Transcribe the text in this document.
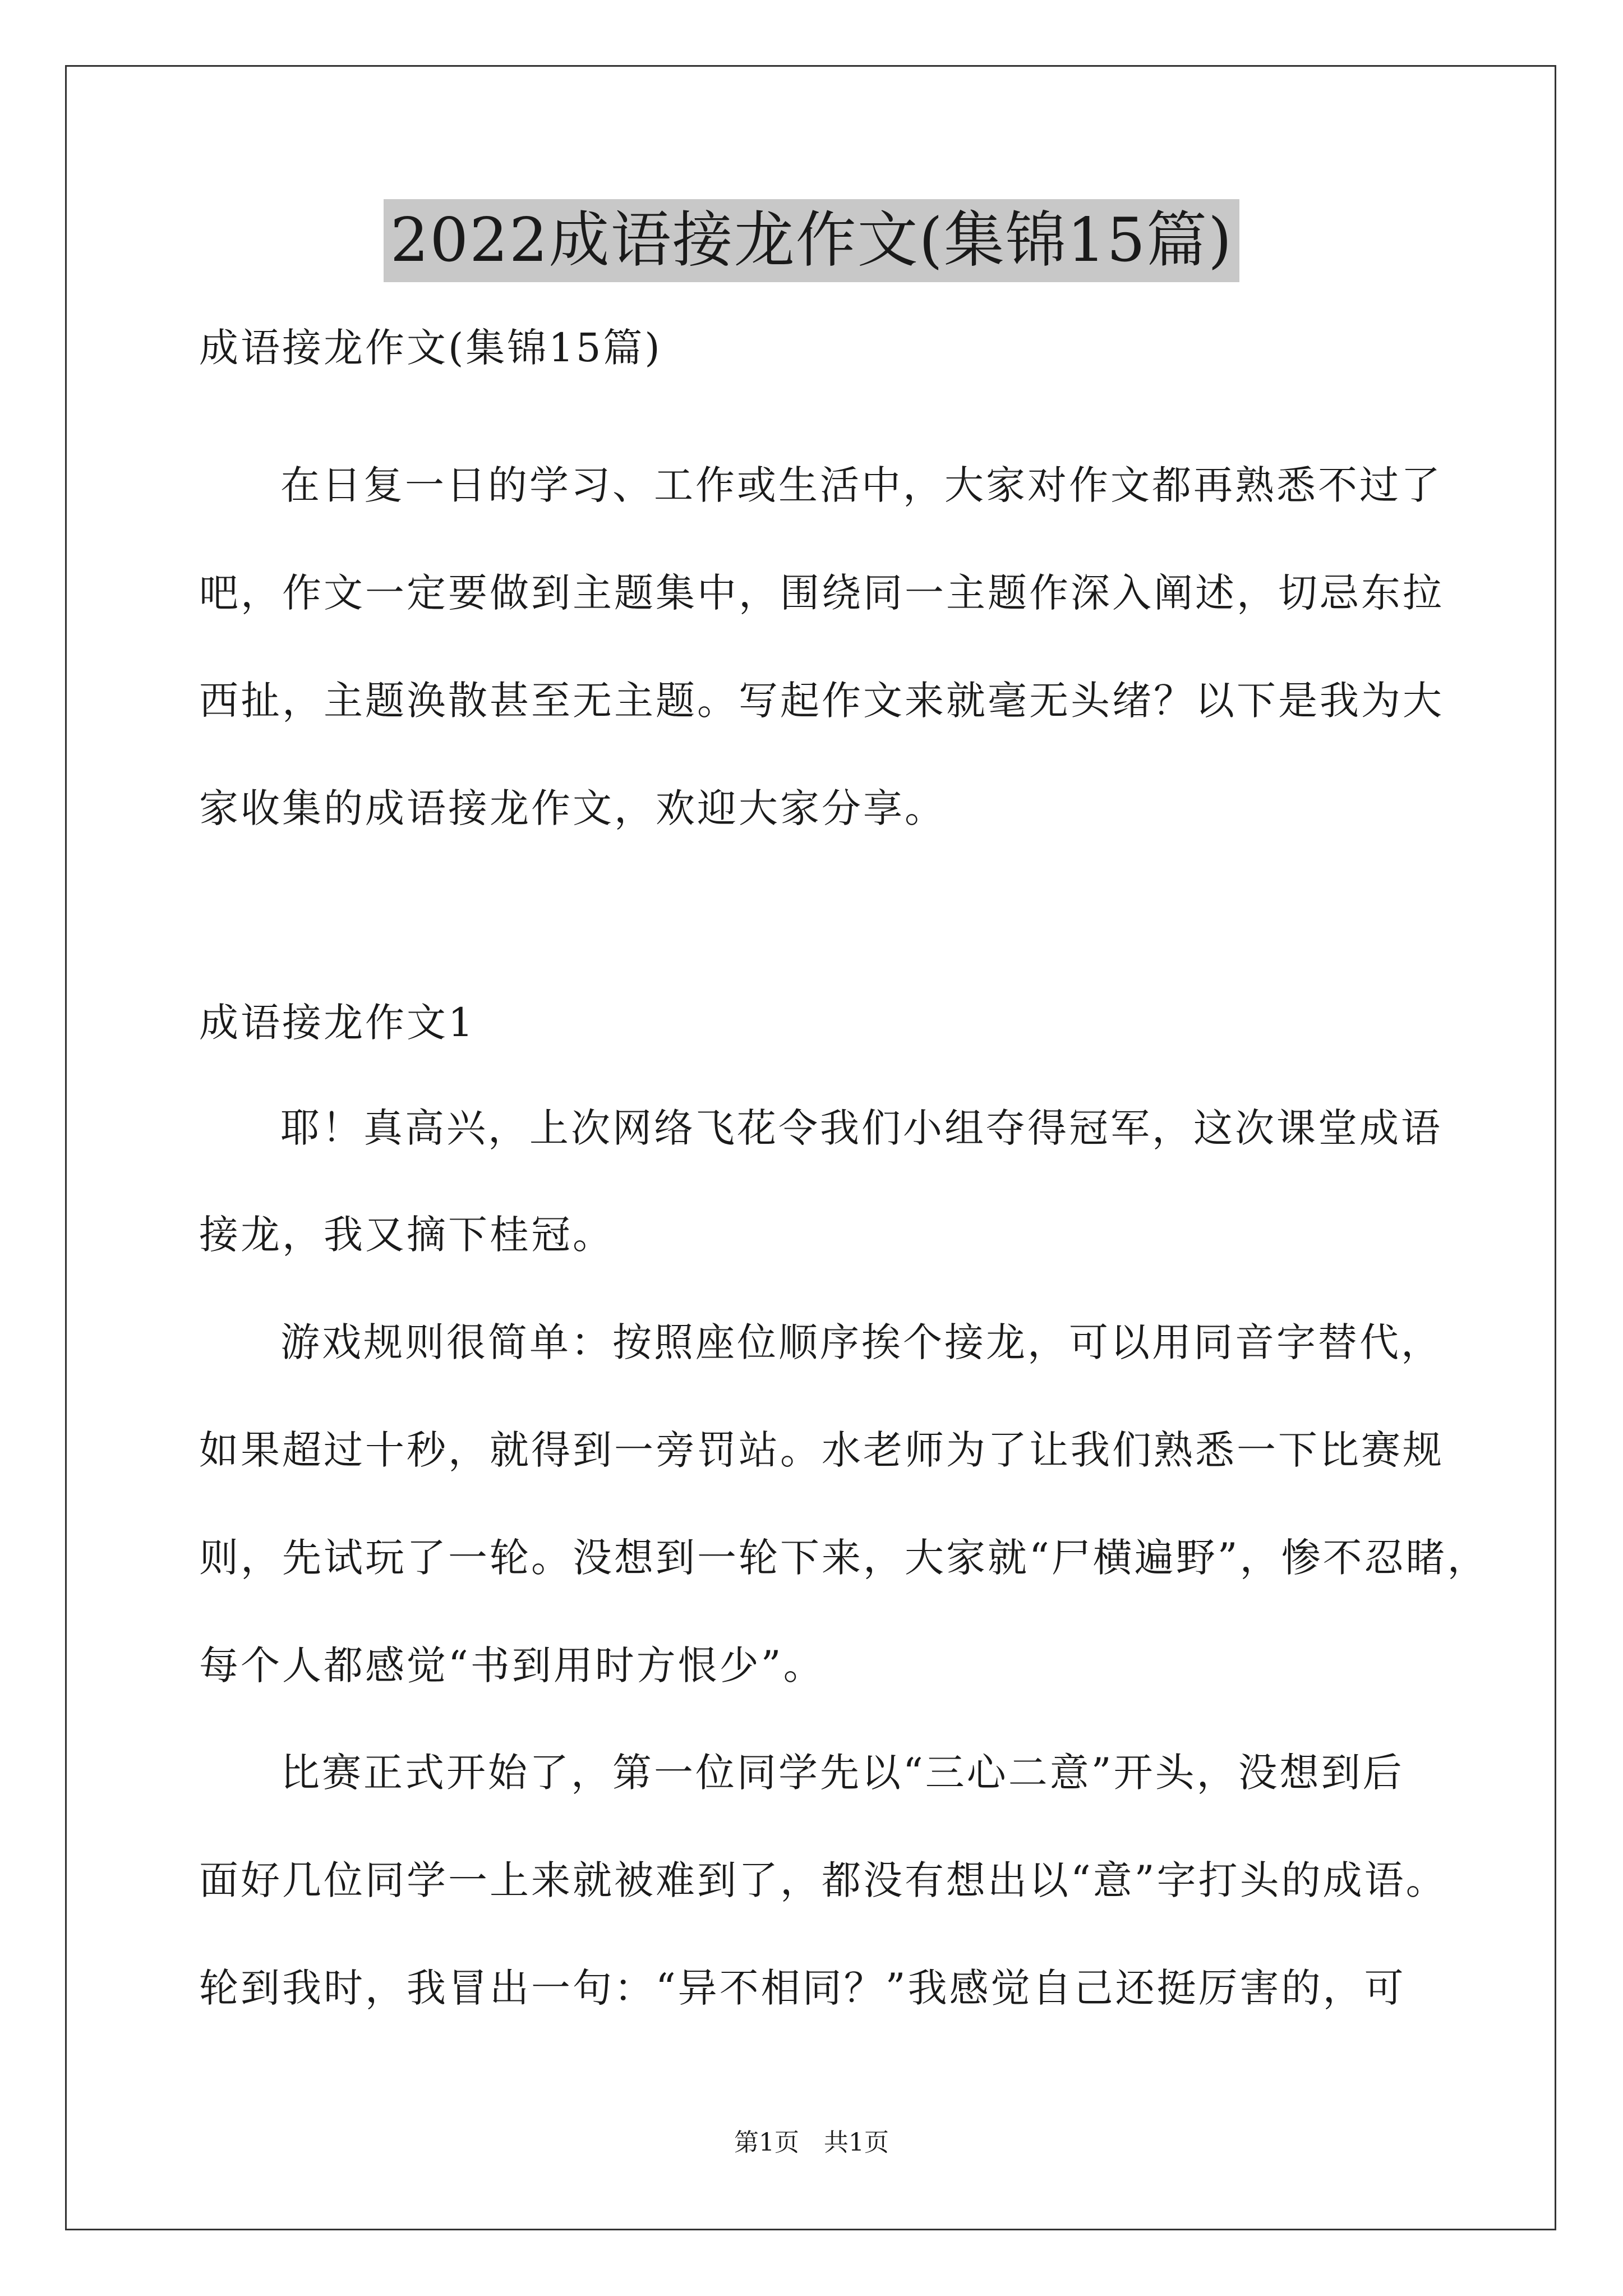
2022成语接龙作文(集锦15篇)
成语接龙作文(集锦15篇)
在日复一日的学习、工作或生活中，大家对作文都再熟悉不过了
吧，作文一定要做到主题集中，围绕同一主题作深入阐述，切忌东拉
西扯，主题涣散甚至无主题。写起作文来就毫无头绪？以下是我为大
家收集的成语接龙作文，欢迎大家分享。
成语接龙作文1
耶！真高兴，上次网络飞花令我们小组夺得冠军，这次课堂成语
接龙，我又摘下桂冠。
游戏规则很简单：按照座位顺序挨个接龙，可以用同音字替代，
如果超过十秒，就得到一旁罚站。水老师为了让我们熟悉一下比赛规
则，先试玩了一轮。没想到一轮下来，大家就“尸横遍野”，惨不忍睹，
每个人都感觉“书到用时方恨少”。
比赛正式开始了，第一位同学先以“三心二意”开头，没想到后
面好几位同学一上来就被难到了，都没有想出以“意”字打头的成语。
轮到我时，我冒出一句：“异不相同？”我感觉自己还挺厉害的，可
第1页　共1页
